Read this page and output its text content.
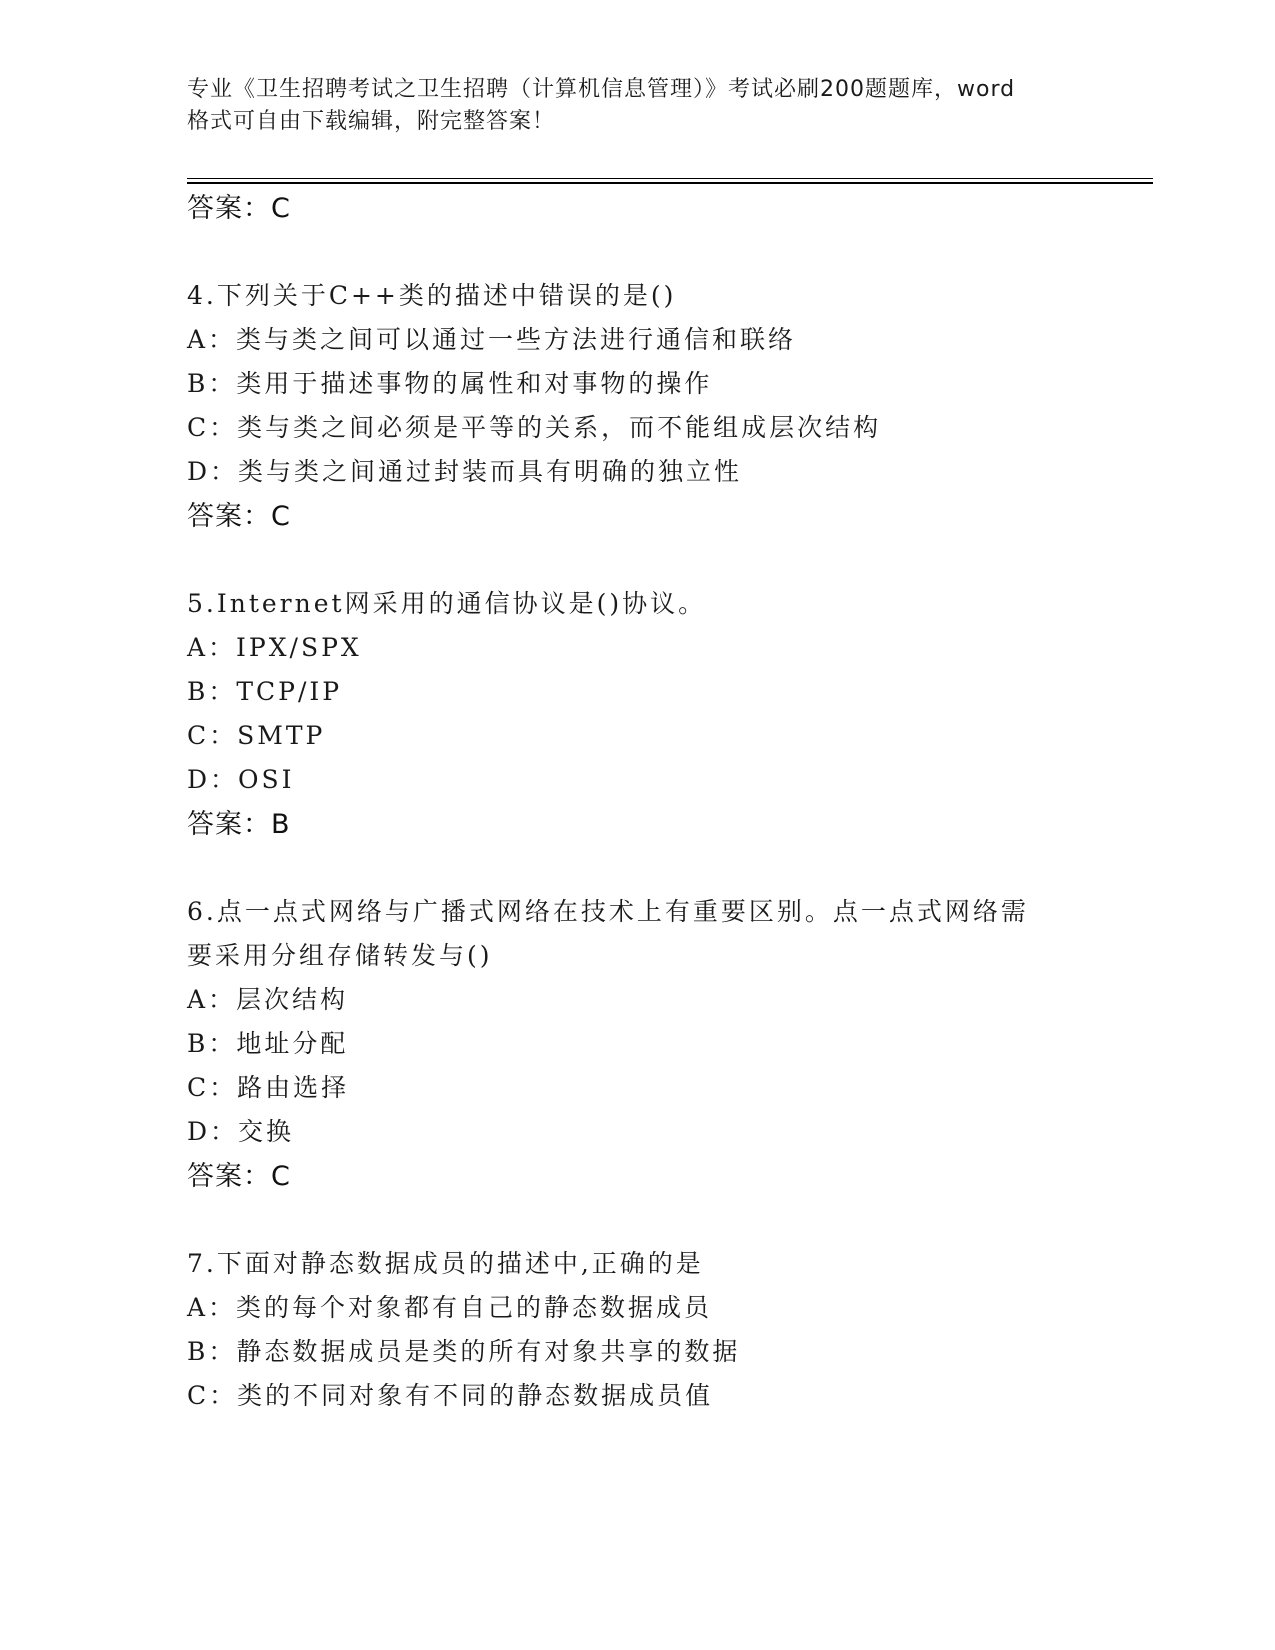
专业《卫生招聘考试之卫生招聘（计算机信息管理）》考试必刷200题题库，word
格式可自由下载编辑，附完整答案！
答案：C
4.下列关于C++类的描述中错误的是()
A：类与类之间可以通过一些方法进行通信和联络
B：类用于描述事物的属性和对事物的操作
C：类与类之间必须是平等的关系，而不能组成层次结构
D：类与类之间通过封装而具有明确的独立性
答案：C
5.Internet网采用的通信协议是()协议。
A：IPX/SPX
B：TCP/IP
C：SMTP
D：OSI
答案：B
6.点一点式网络与广播式网络在技术上有重要区别。点一点式网络需
要采用分组存储转发与()
A：层次结构
B：地址分配
C：路由选择
D：交换
答案：C
7.下面对静态数据成员的描述中,正确的是
A：类的每个对象都有自己的静态数据成员
B：静态数据成员是类的所有对象共享的数据
C：类的不同对象有不同的静态数据成员值
